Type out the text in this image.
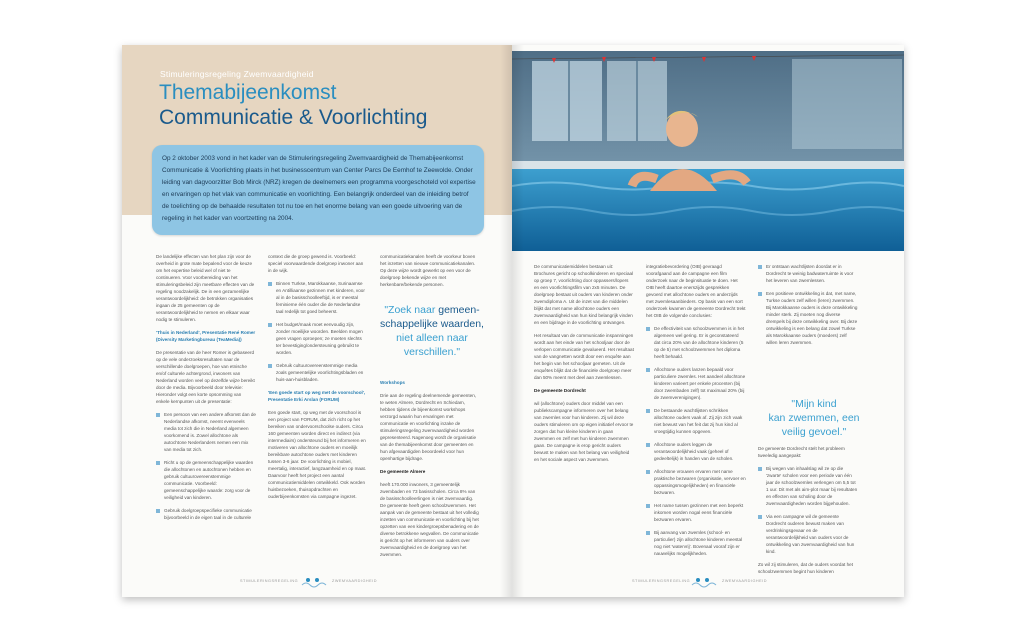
Stimuleringsregeling Zwemvaardigheid
Themabijeenkomst
Communicatie & Voorlichting
Op 2 oktober 2003 vond in het kader van de Stimuleringsregeling Zwemvaardigheid de Themabijeenkomst Communicatie & Voorlichting plaats in het businesscentrum van Center Parcs De Eemhof te Zeewolde. Onder leiding van dagvoorzitter Bob Mirck (NRZ) kregen de deelnemers een programma voorgeschoteld vol expertise en ervaringen op het vlak van communicatie en voorlichting. Een belangrijk onderdeel van de inleiding betrof de toelichting op de behaalde resultaten tot nu toe en het enorme belang van een goede uitvoering van de regeling in het kader van voortzetting na 2004.

De landelijke effecten van het plan zijn voor de overheid in grote mate bepalend voor de keuze om het expertise beleid wel of niet te continueren. Voor voorbereiding van het stimuleringsbeleid zijn meetbare effecten van de regeling noodzakelijk. De in een gezamenlijke verantwoordelijkheid: de betrokken organisaties ingaan de 25 gemeenten op de verantwoordelijkheid te nemen en elkaar waar nodig te stimuleren.

'Thuis in Nederland', Presentatie René Romer (Diversity Marketingbureau (TeaMedia))

De presentatie van de heer Romer is gebaseerd op de vele onderzoeksresultaten naar de verschillende doelgroepen, hoe van etnische en/of culturele achtergrond, inwoners van Nederland worden veel op dezelfde wijze bereikt door de media. Bijvoorbeeld door televisie: Hieronder volgt een korte opsomming van enkele kernpunten uit de presentatie:

Een persoon van een andere afkomst dan de Nederlandse afkomst, neemt evenveels media tot zich die in Nederland algemeen voorkomend is. Zowel allochtone als autochtone Nederlanders nemen een mix van media tot zich.

Richt u op de gemeenschappelijke waarden die allochtonen en autochtonen hebben en gebruik cultuurovereenstemmige communicatie. Voorbeeld: gemeenschappelijke waarde: zorg voor de veiligheid van kinderen.

Gebruik doelgroepspecifieke communicatie bijvoorbeeld in de eigen taal in de culturele

context die de groep gewend is. Voorbeeld: speciel voorwaardende doelgroep inwoner aan in de wijk.

Binnen Turkse, Marokkaanse, Surinaamse en Antilliaanse gezinnen met kinderen, voor al in de basisschoolleeftijd, is er meestal feminieme één ouder die de Nederlandse taal redelijk tot goed beheerst.

Het budget/maak moet eenvoudig zijn, zonder moeilijke woorden. Beelden mogen geen vragen oproepen; ze moeten slechts ter bevestiging/ondersteuning gebruikt te worden.

Gebruik cultuurovereenstemmige media zoals gemeentelijke voorlichtingsbladen en huis-aan-huisbladen.

'Een goede start op weg met de voorschool', Presentatie Erki Arslan (FORUM)

Een goede start, op weg met de voorschool is een project van FORUM, dat zich richt op het bereiken van ondervoorschoolse ouders. Circa 160 gemeenten worden direct en indirect (via intermediairs) ondersteund bij het informeren en motiveren van allochtone ouders en moeilijk bereikbare autochtone ouders met kinderen tussen 3-6 jaar. De voorlichting is mobiel, meertalig, interactief, langzaamheid en op maat. Daarvoor heeft het project een aantal communicatiemiddelen ontwikkeld. Ook worden huisbezoeken, thuisopdrachten en ouderbijeenkomsten via campagne ingezet.

communicatiekanalen heeft de voorkeur boven het inzetten van nieuwe communicatiekanalen. Op deze wijze wordt gewerkt op een voor de doelgroep bekende wijze en met herkenbare/bekende personen.

"Zoek naar gemeen-
schappelijke waarden,
niet alleen naar
verschillen."

Workshops

Drie aan de regeling deelnemende gemeenten, te weten Almere, Dordrecht en Schiedam, hebben tijdens de bijeenkomst workshops verzorgd waarin hun ervaringen met communicatie en voorlichting inzake de stimuleringsregeling zwemvaardigheid worden gepresenteerd. Nagenoeg wordt de organisatie van de themabijeenkomst door gemeenten en hun afgevaardigden beoordeeld voor hun openhartige bijdrage.

De gemeente Almere

heeft 170.000 inwoners, 3 gemeentelijk zwembaden en 73 basisscholen. Circa 8% van de basisschoolleerlingen is niet zwemvaardig. De gemeente heeft geen schoolzwemmen. Het aanpak van de gemeente bestaat uit het volledig inzetten van communicatie en voorlichting bij het opzetten van een kindergroepsbenadering en de diverse betrokkene wegvallen. De communicatie is gericht op het informeren van ouders over zwemvaardigheid en de doelgroep van het zwemmen.

STIMULERINGSREGELING	ZWEMVAARDIGHEID

De communicatiemiddelen bestaan uit: Brochures gericht op schoolkinderen en speciaal op groep 7, voorlichting door oppassers/lopers en een voorlichtingsfilm van 2x5 minuten. De doelgroep bestaat uit ouders van kinderen onder zwemdiploma A. Uit de inzet van die middelen blijkt dat met name allochtone ouders een zwemvaardigheid van hun kind belangrijk vinden en een bijdrage in de voorlichting ontvangen.

Het resultaat van de communicatie inspanningen wordt aan het einde van het schooljaar door de verlopen communicatie gevalueerd. Het resultaat van de vangnetten wordt door een enquête aan het begin van het schooljaar gemeten. Uit de enquêtes blijkt dat de financiële doelgroep meer dan 50% meent met deel aan zwemlessen.

De gemeente Dordrecht

wil (allochtone) ouders door middel van een publiekscampagne informeren over het belang van zwemles voor hun kinderen. Zij wil deze ouders stimuleren om op eigen initiatief ervoor te zorgen dat hun kleine kinderen in gaan zwemmen en zelf met hun kinderen zwemmen gaan. De campagne is erop gericht ouders bewust te maken van het belang van veiligheid en het sociale aspect van zwemmen.

integratiebevordering (OIB) gevraagd voorafgaand aan de campagne een film onderzoek naar de beginsituatie te doen. Het OIB heeft daartoe enerszijds gesprekken gevoerd met allochtone ouders en anderzijds met zwemlesaanbieders. Op basis van een sort onderzoek kwamen de gemeente Dordrecht trekt het OIB de volgende conclusies:

De effectiviteit van schoolzwemmen is in het algemeen wel gering. Er is geconstateerd dat circa 20% van de allochtone kinderen (5 op de 5) met schoolzwemmen het diploma heeft behaald.

Allochtone ouders lanzen bepaald voor particuliere zwemles. Het aandeel allochtone kinderen varieert per enkele procenten (bij door zwembaden zelf) tot maximaal 20% (bij de zwemverenigingen).

De bestaande wachtlijsten schrikken allochtone ouders vaak af. Zij zijn zich vaak niet bewust van het feit dat zij hun kind al vroegtijdig kunnen opgeven.

Allochtone ouders leggen de verantwoordelijkheid vaak (geheel of gedeeltelijk) in handen van de scholen.

Allochtone vrouwen ervaren met name praktische bezwaren (organisatie, vervoer en oppassingsmogelijkheden) en financiële bezwaren.

Het name tussen gezinnen met een beperkt inkomen worden nogal eens financiële bezwaren ervaren.

Bij aanvang van zwemles (school- en particulier) zijn allochtone kinderen meestal nog niet 'watervrij'. Bovenaal vooraf zijn er nauwelijks mogelijkheden.

Er ontstaan wachtlijsten doordat er in Dordrecht te weinig badwaterruimte is voor het leveren van zwemlessen.

Een positieve ontwikkeling is dat, met name, Turkse ouders zelf willen (leren) zwemmen. Bij Marokkaanse ouders is deze ontwikkeling minder sterk. Zij moeten nog diverse drempels bij deze ontwikkeling over. Bij deze ontwikkeling is een belang dat zowel Turkse als Marokkaanse ouders (moeders) zelf willen leren zwemmen.

"Mijn kind
kan zwemmen, een
veilig gevoel."

De gemeente Dordrecht stelt het probleem tweeledig aangepakt:

Bij wegen van inhaalslag wil ze op die 'zwarte' scholen voor een periode van één jaar de schoolzwemles verlengen om 5,5 tot 1 uur. Dit met als aim-plot maar bij resultaten en effecten van scholing door de zwemvaardigheden worden bijgehouden.

Via een campagne wil de gemeente Dordrecht ouderen bewust maken van verdrinkingsgevaar en de verantwoordelijkheid van ouders voor de ontwikkeling van zwemvaardigheid van hun kind.

Zo wil zij stimuleren, dat de ouders voordat het schoolzwemmen begint hun kinderen

STIMULERINGSREGELING	ZWEMVAARDIGHEID
